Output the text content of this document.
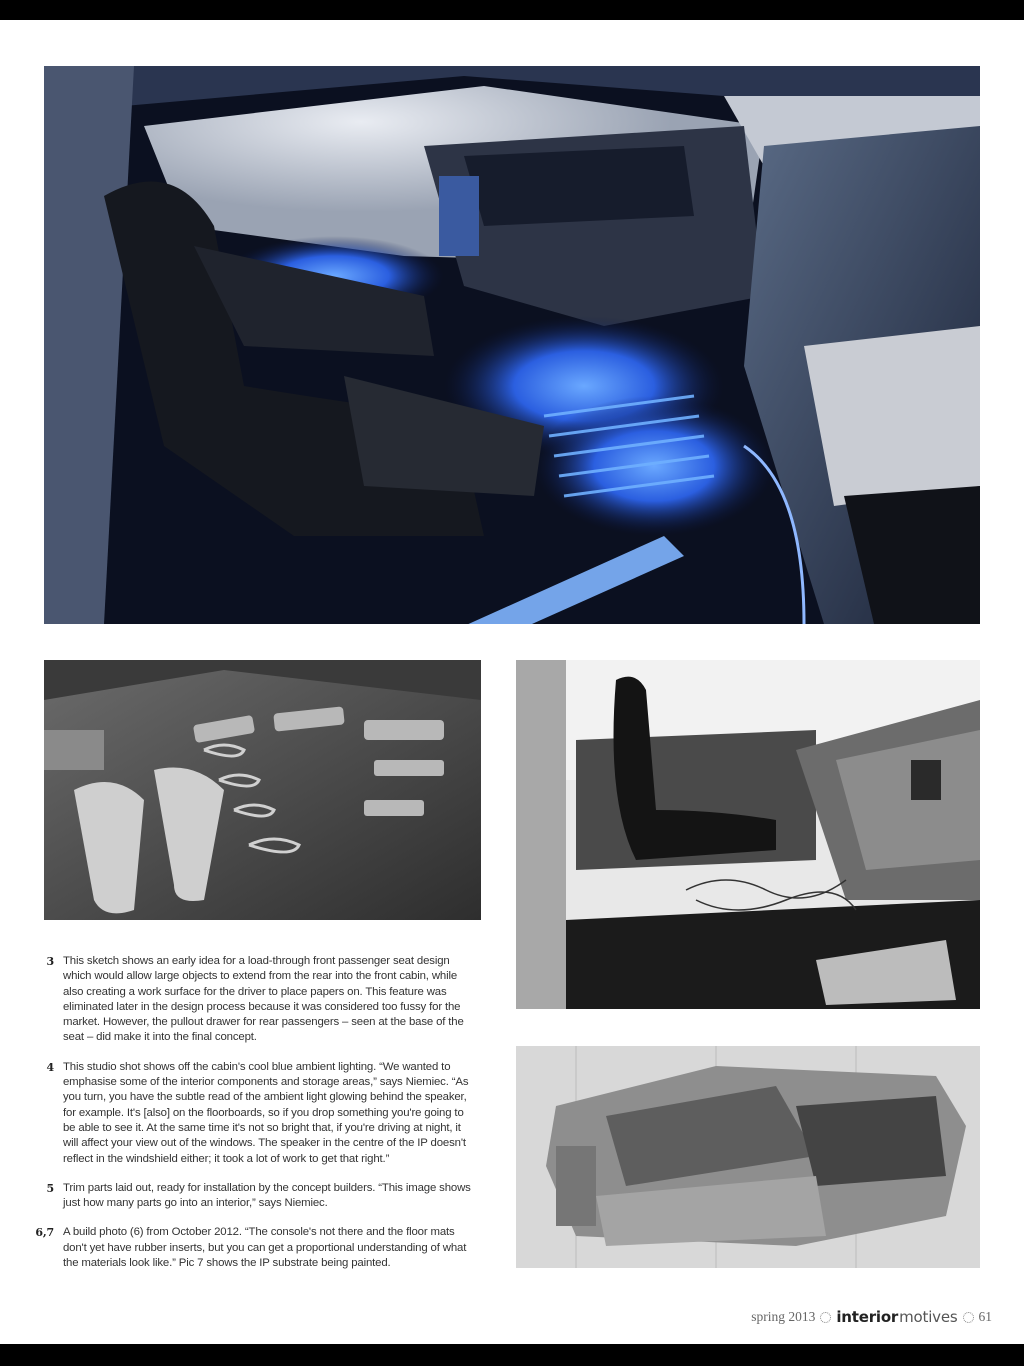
3 This sketch shows an early idea for a load-through front passenger seat design which would allow large objects to extend from the rear into the front cabin, while also creating a work surface for the driver to place papers on. This feature was eliminated later in the design process because it was considered too fussy for the market. However, the pullout drawer for rear passengers – seen at the base of the seat – did make it into the final concept.
4 This studio shot shows off the cabin's cool blue ambient lighting. “We wanted to emphasise some of the interior components and storage areas,” says Niemiec. “As you turn, you have the subtle read of the ambient light glowing behind the speaker, for example. It's [also] on the floorboards, so if you drop something you're going to be able to see it. At the same time it's not so bright that, if you're driving at night, it will affect your view out of the windows. The speaker in the centre of the IP doesn't reflect in the windshield either; it took a lot of work to get that right.”
5 Trim parts laid out, ready for installation by the concept builders. “This image shows just how many parts go into an interior,” says Niemiec.
6,7 A build photo (6) from October 2012. “The console's not there and the floor mats don't yet have rubber inserts, but you can get a proportional understanding of what the materials look like.” Pic 7 shows the IP substrate being painted.
spring 2013 interior motives 61
